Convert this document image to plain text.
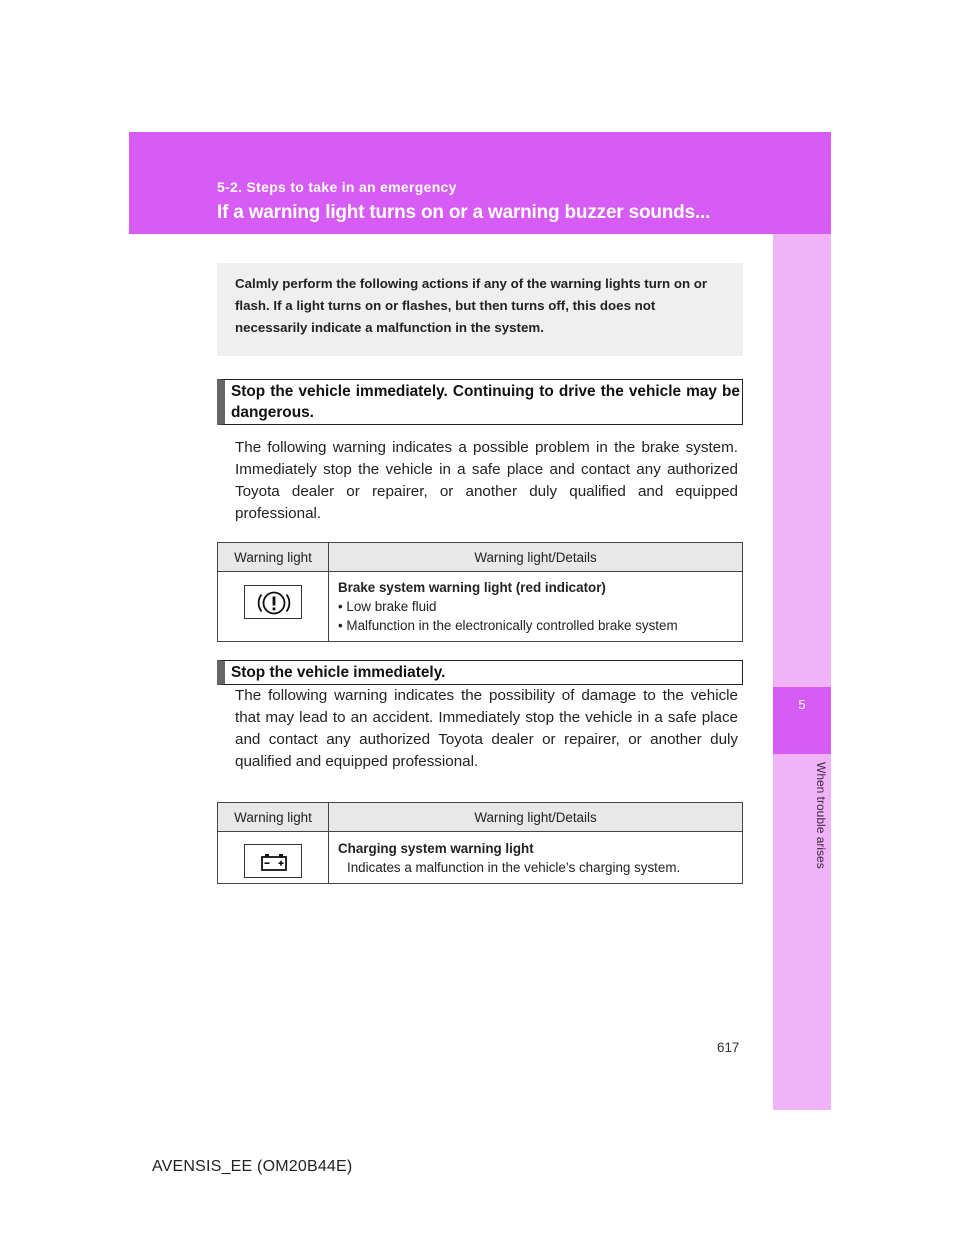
5-2. Steps to take in an emergency
If a warning light turns on or a warning buzzer sounds...
5
When trouble arises

Calmly perform the following actions if any of the warning lights turn on or flash. If a light turns on or flashes, but then turns off, this does not necessarily indicate a malfunction in the system.

Stop the vehicle immediately. Continuing to drive the vehicle may be dangerous.

The following warning indicates a possible problem in the brake system. Immediately stop the vehicle in a safe place and contact any authorized Toyota dealer or repairer, or another duly qualified and equipped professional.

Warning light	Warning light/Details

Brake system warning light (red indicator)
• Low brake fluid
• Malfunction in the electronically controlled brake system
Stop the vehicle immediately.

The following warning indicates the possibility of damage to the vehicle that may lead to an accident. Immediately stop the vehicle in a safe place and contact any authorized Toyota dealer or repairer, or another duly qualified and equipped professional.

Warning light	Warning light/Details

Charging system warning light
Indicates a malfunction in the vehicle’s charging system.
617
AVENSIS_EE (OM20B44E)
